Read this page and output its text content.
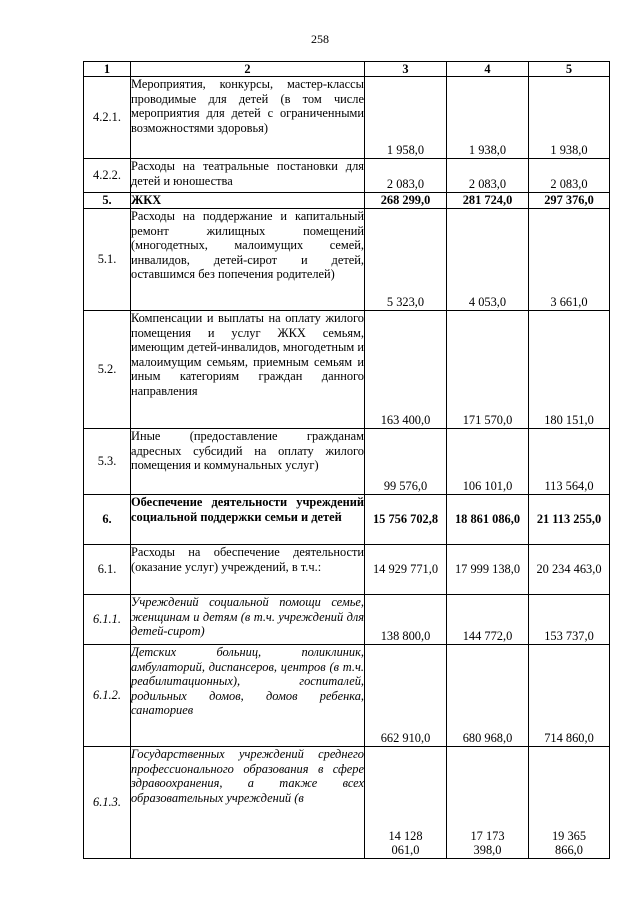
258
1	2	3	4	5
4.2.1.	Мероприятия, конкурсы, мастер-классы проводимые для детей (в том числе мероприятия для детей с ограниченными возможностями здоровья)	1 958,0	1 938,0	1 938,0
4.2.2.	Расходы на театральные постановки для детей и юношества	2 083,0	2 083,0	2 083,0
5.	ЖКХ	268 299,0	281 724,0	297 376,0
5.1.	Расходы на поддержание и капитальный ремонт жилищных помещений (многодетных, малоимущих семей, инвалидов, детей-сирот и детей, оставшимся без попечения родителей)	5 323,0	4 053,0	3 661,0
5.2.	Компенсации и выплаты на оплату жилого помещения и услуг ЖКХ семьям, имеющим детей-инвалидов, многодетным и малоимущим семьям, приемным семьям и иным категориям граждан данного направления	163 400,0	171 570,0	180 151,0
5.3.	Иные (предоставление гражданам адресных субсидий на оплату жилого помещения и коммунальных услуг)	99 576,0	106 101,0	113 564,0
6.	Обеспечение деятельности учреждений социальной поддержки семьи и детей	15 756 702,8	18 861 086,0	21 113 255,0
6.1.	Расходы на обеспечение деятельности (оказание услуг) учреждений, в т.ч.:	14 929 771,0	17 999 138,0	20 234 463,0
6.1.1.	Учреждений социальной помощи семье, женщинам и детям (в т.ч. учреждений для детей-сирот)	138 800,0	144 772,0	153 737,0
6.1.2.	Детских больниц, поликлиник, амбулаторий, диспансеров, центров (в т.ч. реабилитационных), госпиталей, родильных домов, домов ребенка, санаториев	662 910,0	680 968,0	714 860,0
6.1.3.	Государственных учреждений среднего профессионального образования в сфере здравоохранения, а также всех образовательных учреждений (в	14 128 061,0	17 173 398,0	19 365 866,0
